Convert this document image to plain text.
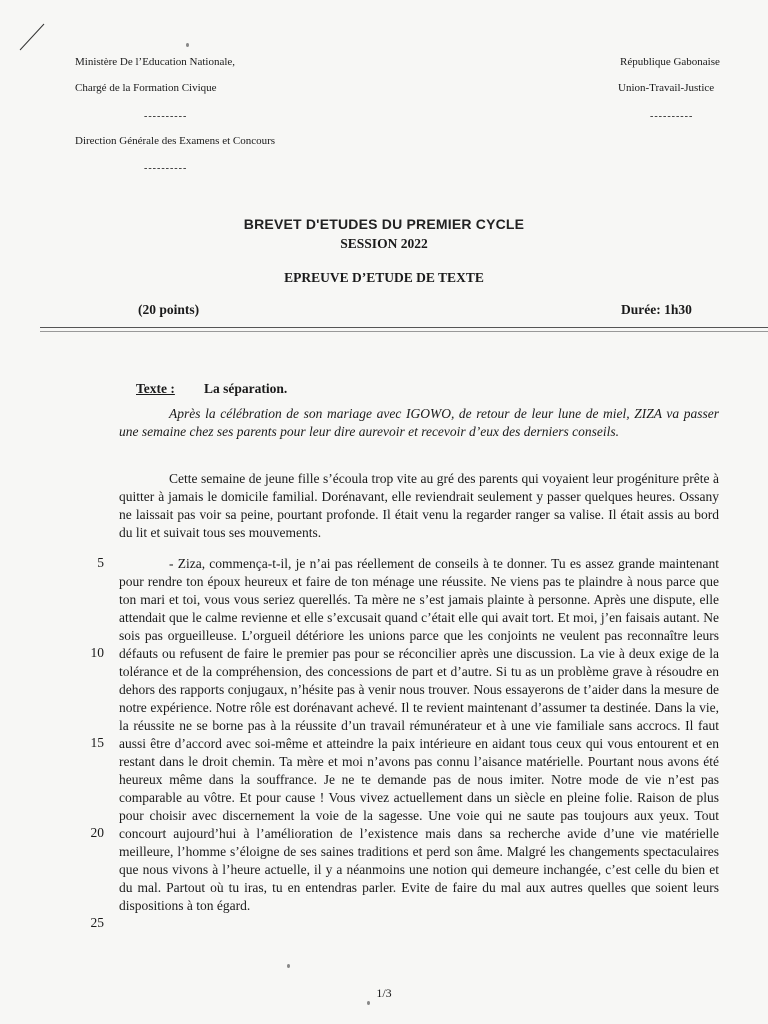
Ministère De l’Education Nationale,
Chargé de la Formation Civique
----------
Direction Générale des Examens et Concours
----------
République Gabonaise
Union-Travail-Justice
----------
BREVET D'ETUDES DU PREMIER CYCLE
SESSION 2022
EPREUVE D’ETUDE DE TEXTE
(20 points)	Durée: 1h30
Texte : La séparation.
Après la célébration de son mariage avec IGOWO, de retour de leur lune de miel, ZIZA va passer une semaine chez ses parents pour leur dire aurevoir et recevoir d’eux des derniers conseils.
Cette semaine de jeune fille s’écoula trop vite au gré des parents qui voyaient leur progéniture prête à quitter à jamais le domicile familial. Dorénavant, elle reviendrait seulement y passer quelques heures. Ossany ne laissait pas voir sa peine, pourtant profonde. Il était venu la regarder ranger sa valise. Il était assis au bord du lit et suivait tous ses mouvements.
- Ziza, commença-t-il, je n’ai pas réellement de conseils à te donner. Tu es assez grande maintenant pour rendre ton époux heureux et faire de ton ménage une réussite. Ne viens pas te plaindre à nous parce que ton mari et toi, vous vous seriez querellés. Ta mère ne s’est jamais plainte à personne. Après une dispute, elle attendait que le calme revienne et elle s’excusait quand c’était elle qui avait tort. Et moi, j’en faisais autant. Ne sois pas orgueilleuse. L’orgueil détériore les unions parce que les conjoints ne veulent pas reconnaître leurs défauts ou refusent de faire le premier pas pour se réconcilier après une discussion. La vie à deux exige de la tolérance et de la compréhension, des concessions de part et d’autre. Si tu as un problème grave à résoudre en dehors des rapports conjugaux, n’hésite pas à venir nous trouver. Nous essayerons de t’aider dans la mesure de notre expérience. Notre rôle est dorénavant achevé. Il te revient maintenant d’assumer ta destinée. Dans la vie, la réussite ne se borne pas à la réussite d’un travail rémunérateur et à une vie familiale sans accrocs. Il faut aussi être d’accord avec soi-même et atteindre la paix intérieure en aidant tous ceux qui vous entourent et en restant dans le droit chemin. Ta mère et moi n’avons pas connu l’aisance matérielle. Pourtant nous avons été heureux même dans la souffrance. Je ne te demande pas de nous imiter. Notre mode de vie n’est pas comparable au vôtre. Et pour cause ! Vous vivez actuellement dans un siècle en pleine folie. Raison de plus pour choisir avec discernement la voie de la sagesse. Une voie qui ne saute pas toujours aux yeux. Tout concourt aujourd’hui à l’amélioration de l’existence mais dans sa recherche avide d’une vie matérielle meilleure, l’homme s’éloigne de ses saines traditions et perd son âme. Malgré les changements spectaculaires que nous vivons à l’heure actuelle, il y a néanmoins une notion qui demeure inchangée, c’est celle du bien et du mal. Partout où tu iras, tu en entendras parler. Evite de faire du mal aux autres quelles que soient leurs dispositions à ton égard.
5
10
15
20
25
1/3
